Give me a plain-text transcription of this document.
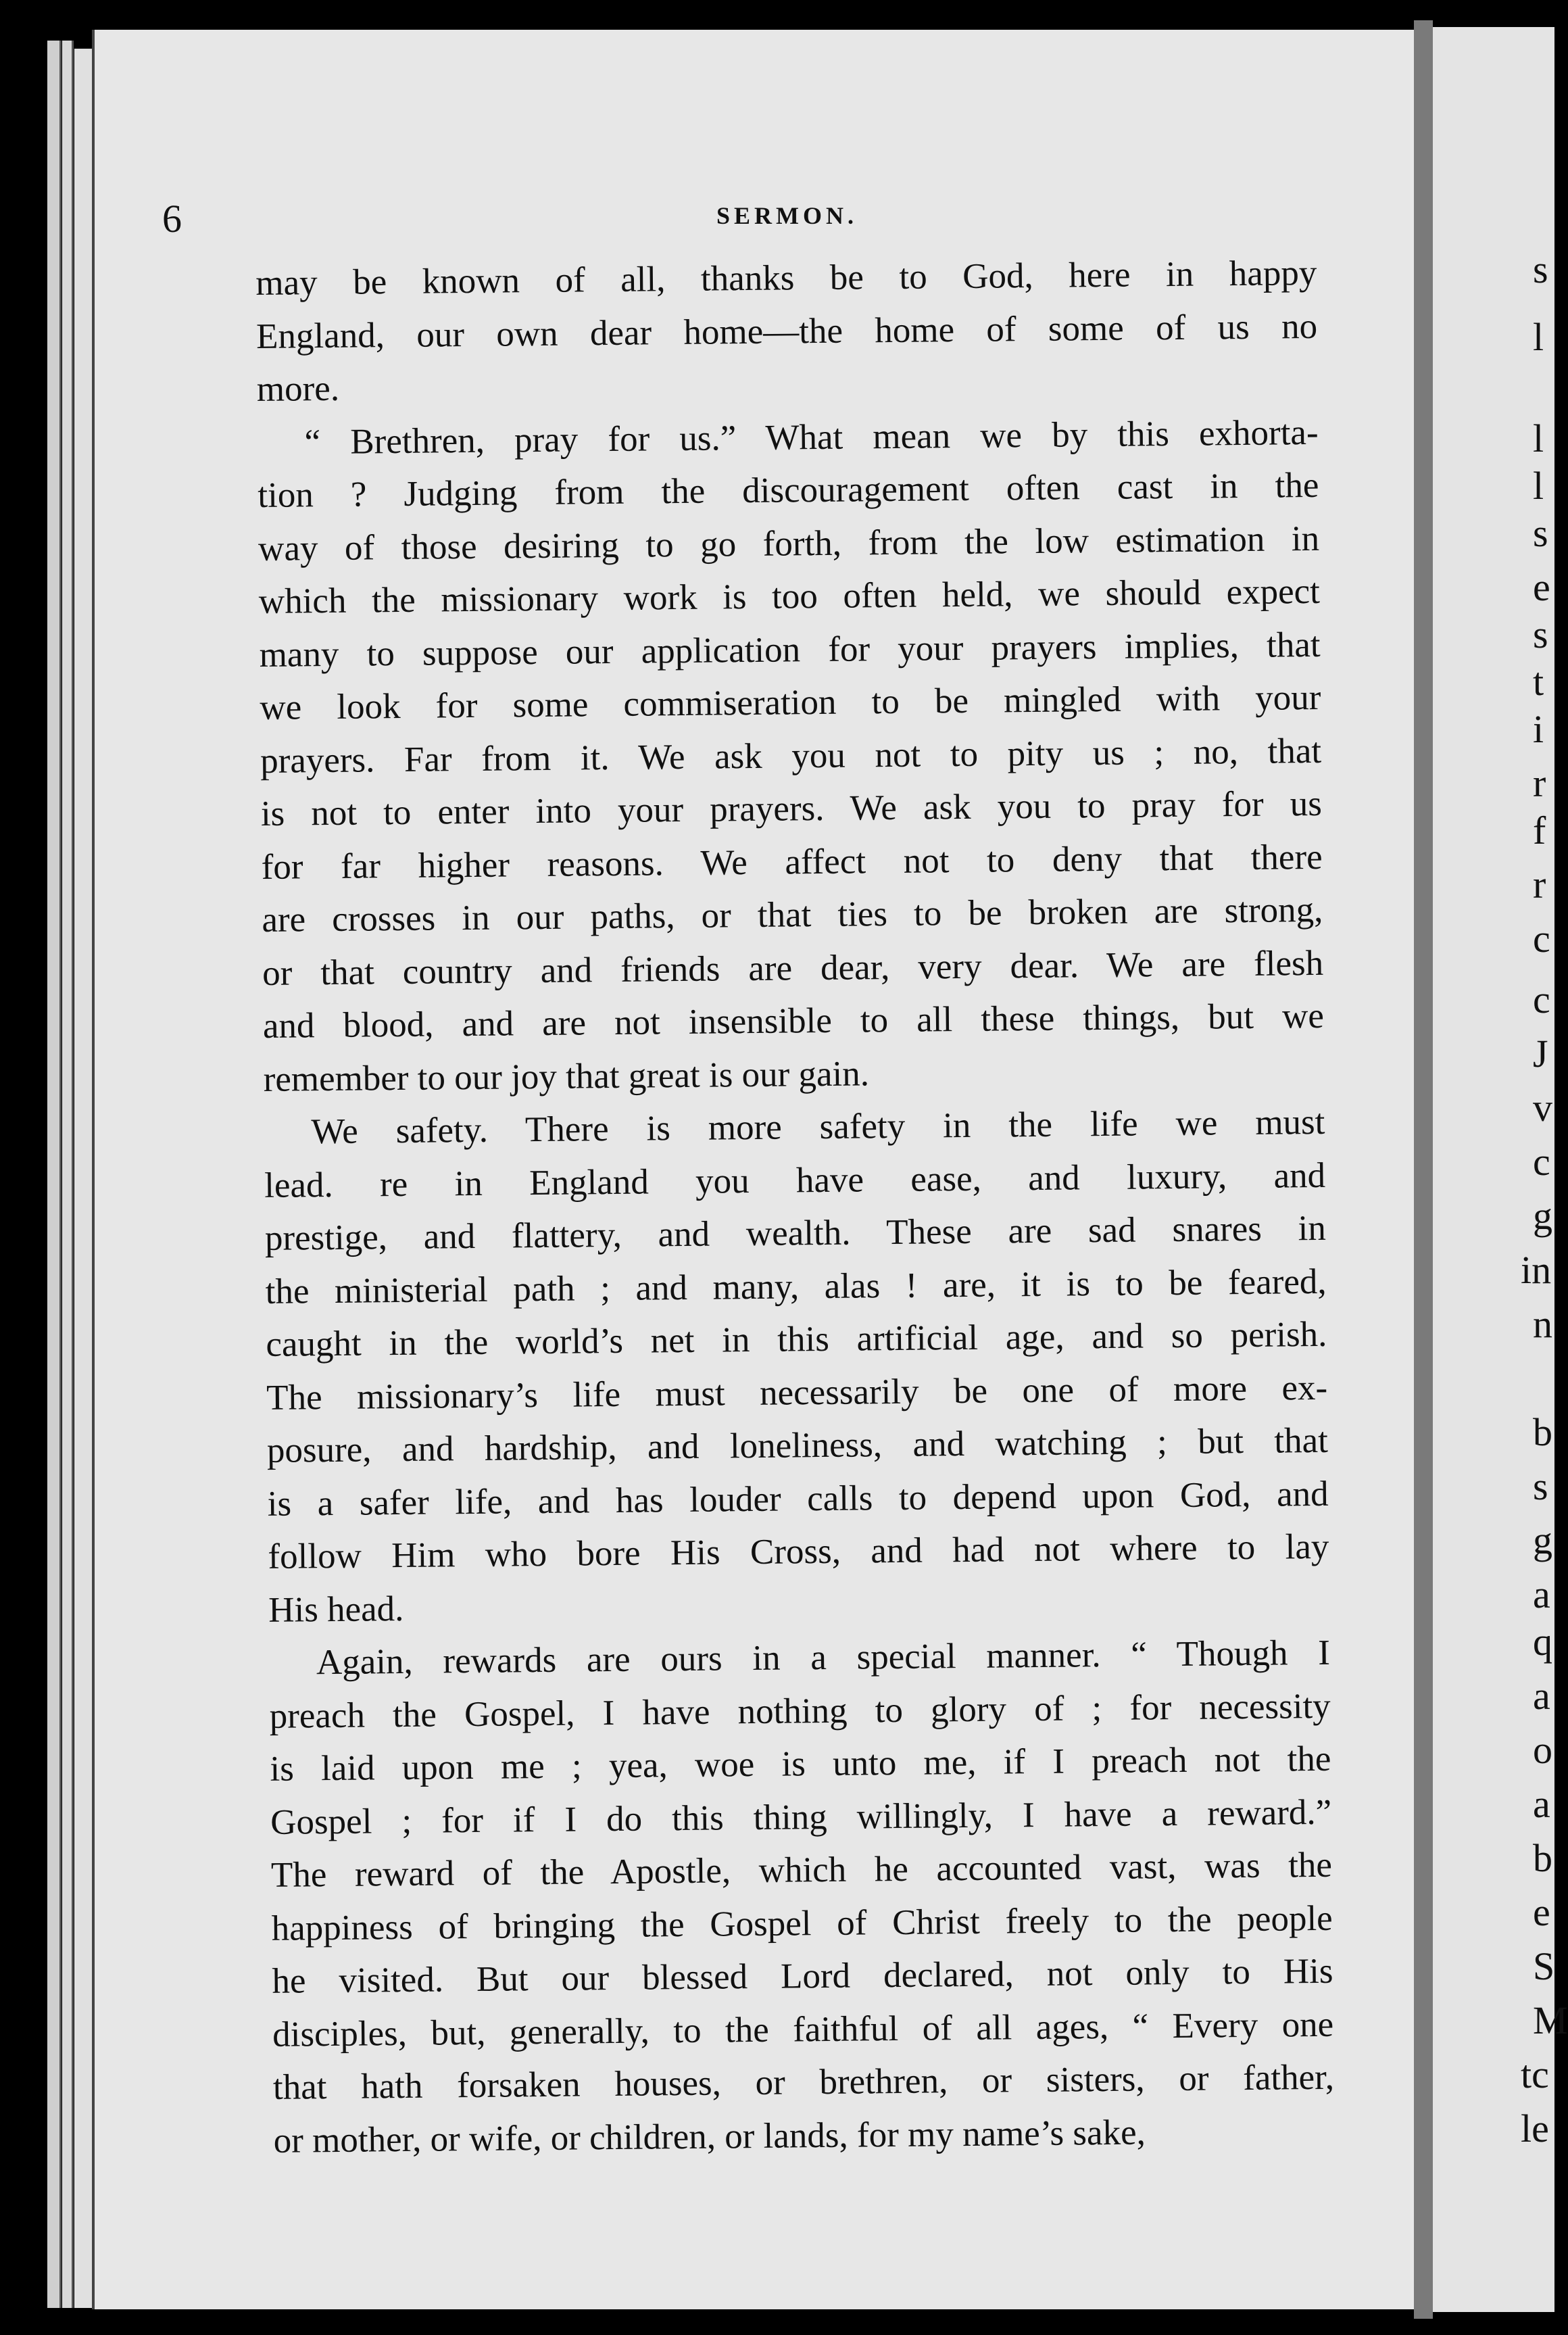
s
l
l
l
s
e
s
t
i
r
f
r
c
c
J
v
c
g
in
n
b
s
g
a
q
a
o
a
b
e
S
M
tc
le
6	SERMON.
may be known of all, thanks be to God, here in happy
England, our own dear home—the home of some of us no
more.
“ Brethren, pray for us.” What mean we by this exhorta-
tion ? Judging from the discouragement often cast in the
way of those desiring to go forth, from the low estimation in
which the missionary work is too often held, we should expect
many to suppose our application for your prayers implies, that
we look for some commiseration to be mingled with your
prayers. Far from it. We ask you not to pity us ; no, that
is not to enter into your prayers. We ask you to pray for us
for far higher reasons. We affect not to deny that there
are crosses in our paths, or that ties to be broken are strong,
or that country and friends are dear, very dear. We are flesh
and blood, and are not insensible to all these things, but we
remember to our joy that great is our gain.
We safety. There is more safety in the life we must
lead. re in England you have ease, and luxury, and
prestige, and flattery, and wealth. These are sad snares in
the ministerial path ; and many, alas ! are, it is to be feared,
caught in the world’s net in this artificial age, and so perish.
The missionary’s life must necessarily be one of more ex-
posure, and hardship, and loneliness, and watching ; but that
is a safer life, and has louder calls to depend upon God, and
follow Him who bore His Cross, and had not where to lay
His head.
Again, rewards are ours in a special manner. “ Though I
preach the Gospel, I have nothing to glory of ; for necessity
is laid upon me ; yea, woe is unto me, if I preach not the
Gospel ; for if I do this thing willingly, I have a reward.”
The reward of the Apostle, which he accounted vast, was the
happiness of bringing the Gospel of Christ freely to the people
he visited. But our blessed Lord declared, not only to His
disciples, but, generally, to the faithful of all ages, “ Every one
that hath forsaken houses, or brethren, or sisters, or father,
or mother, or wife, or children, or lands, for my name’s sake,
